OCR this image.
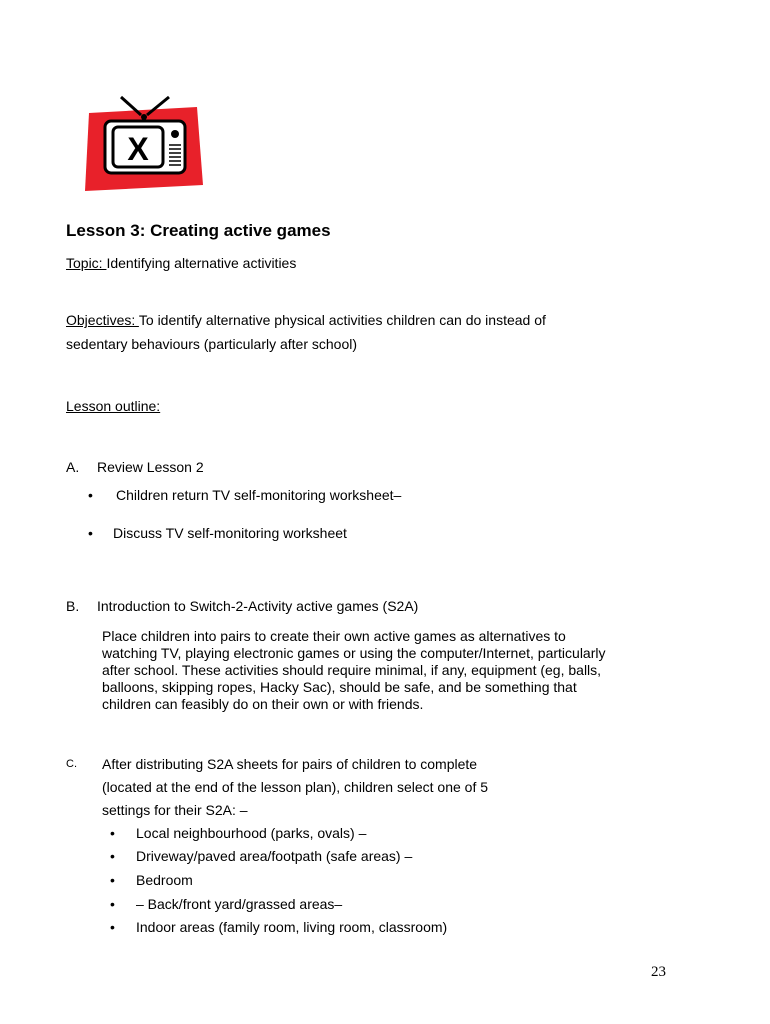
X
Lesson 3: Creating active games
Topic: Identifying alternative activities
Objectives: To identify alternative physical activities children can do instead of
sedentary behaviours (particularly after school)
Lesson outline:
A. Review Lesson 2
• Children return TV self-monitoring worksheet–
• Discuss TV self-monitoring worksheet
B. Introduction to Switch-2-Activity active games (S2A)
Place children into pairs to create their own active games as alternatives to
watching TV, playing electronic games or using the computer/Internet, particularly
after school. These activities should require minimal, if any, equipment (eg, balls,
balloons, skipping ropes, Hacky Sac), should be safe, and be something that
children can feasibly do on their own or with friends.
C. After distributing S2A sheets for pairs of children to complete
(located at the end of the lesson plan), children select one of 5
settings for their S2A: –
• Local neighbourhood (parks, ovals) –
• Driveway/paved area/footpath (safe areas) –
• Bedroom
• – Back/front yard/grassed areas–
• Indoor areas (family room, living room, classroom)
23
